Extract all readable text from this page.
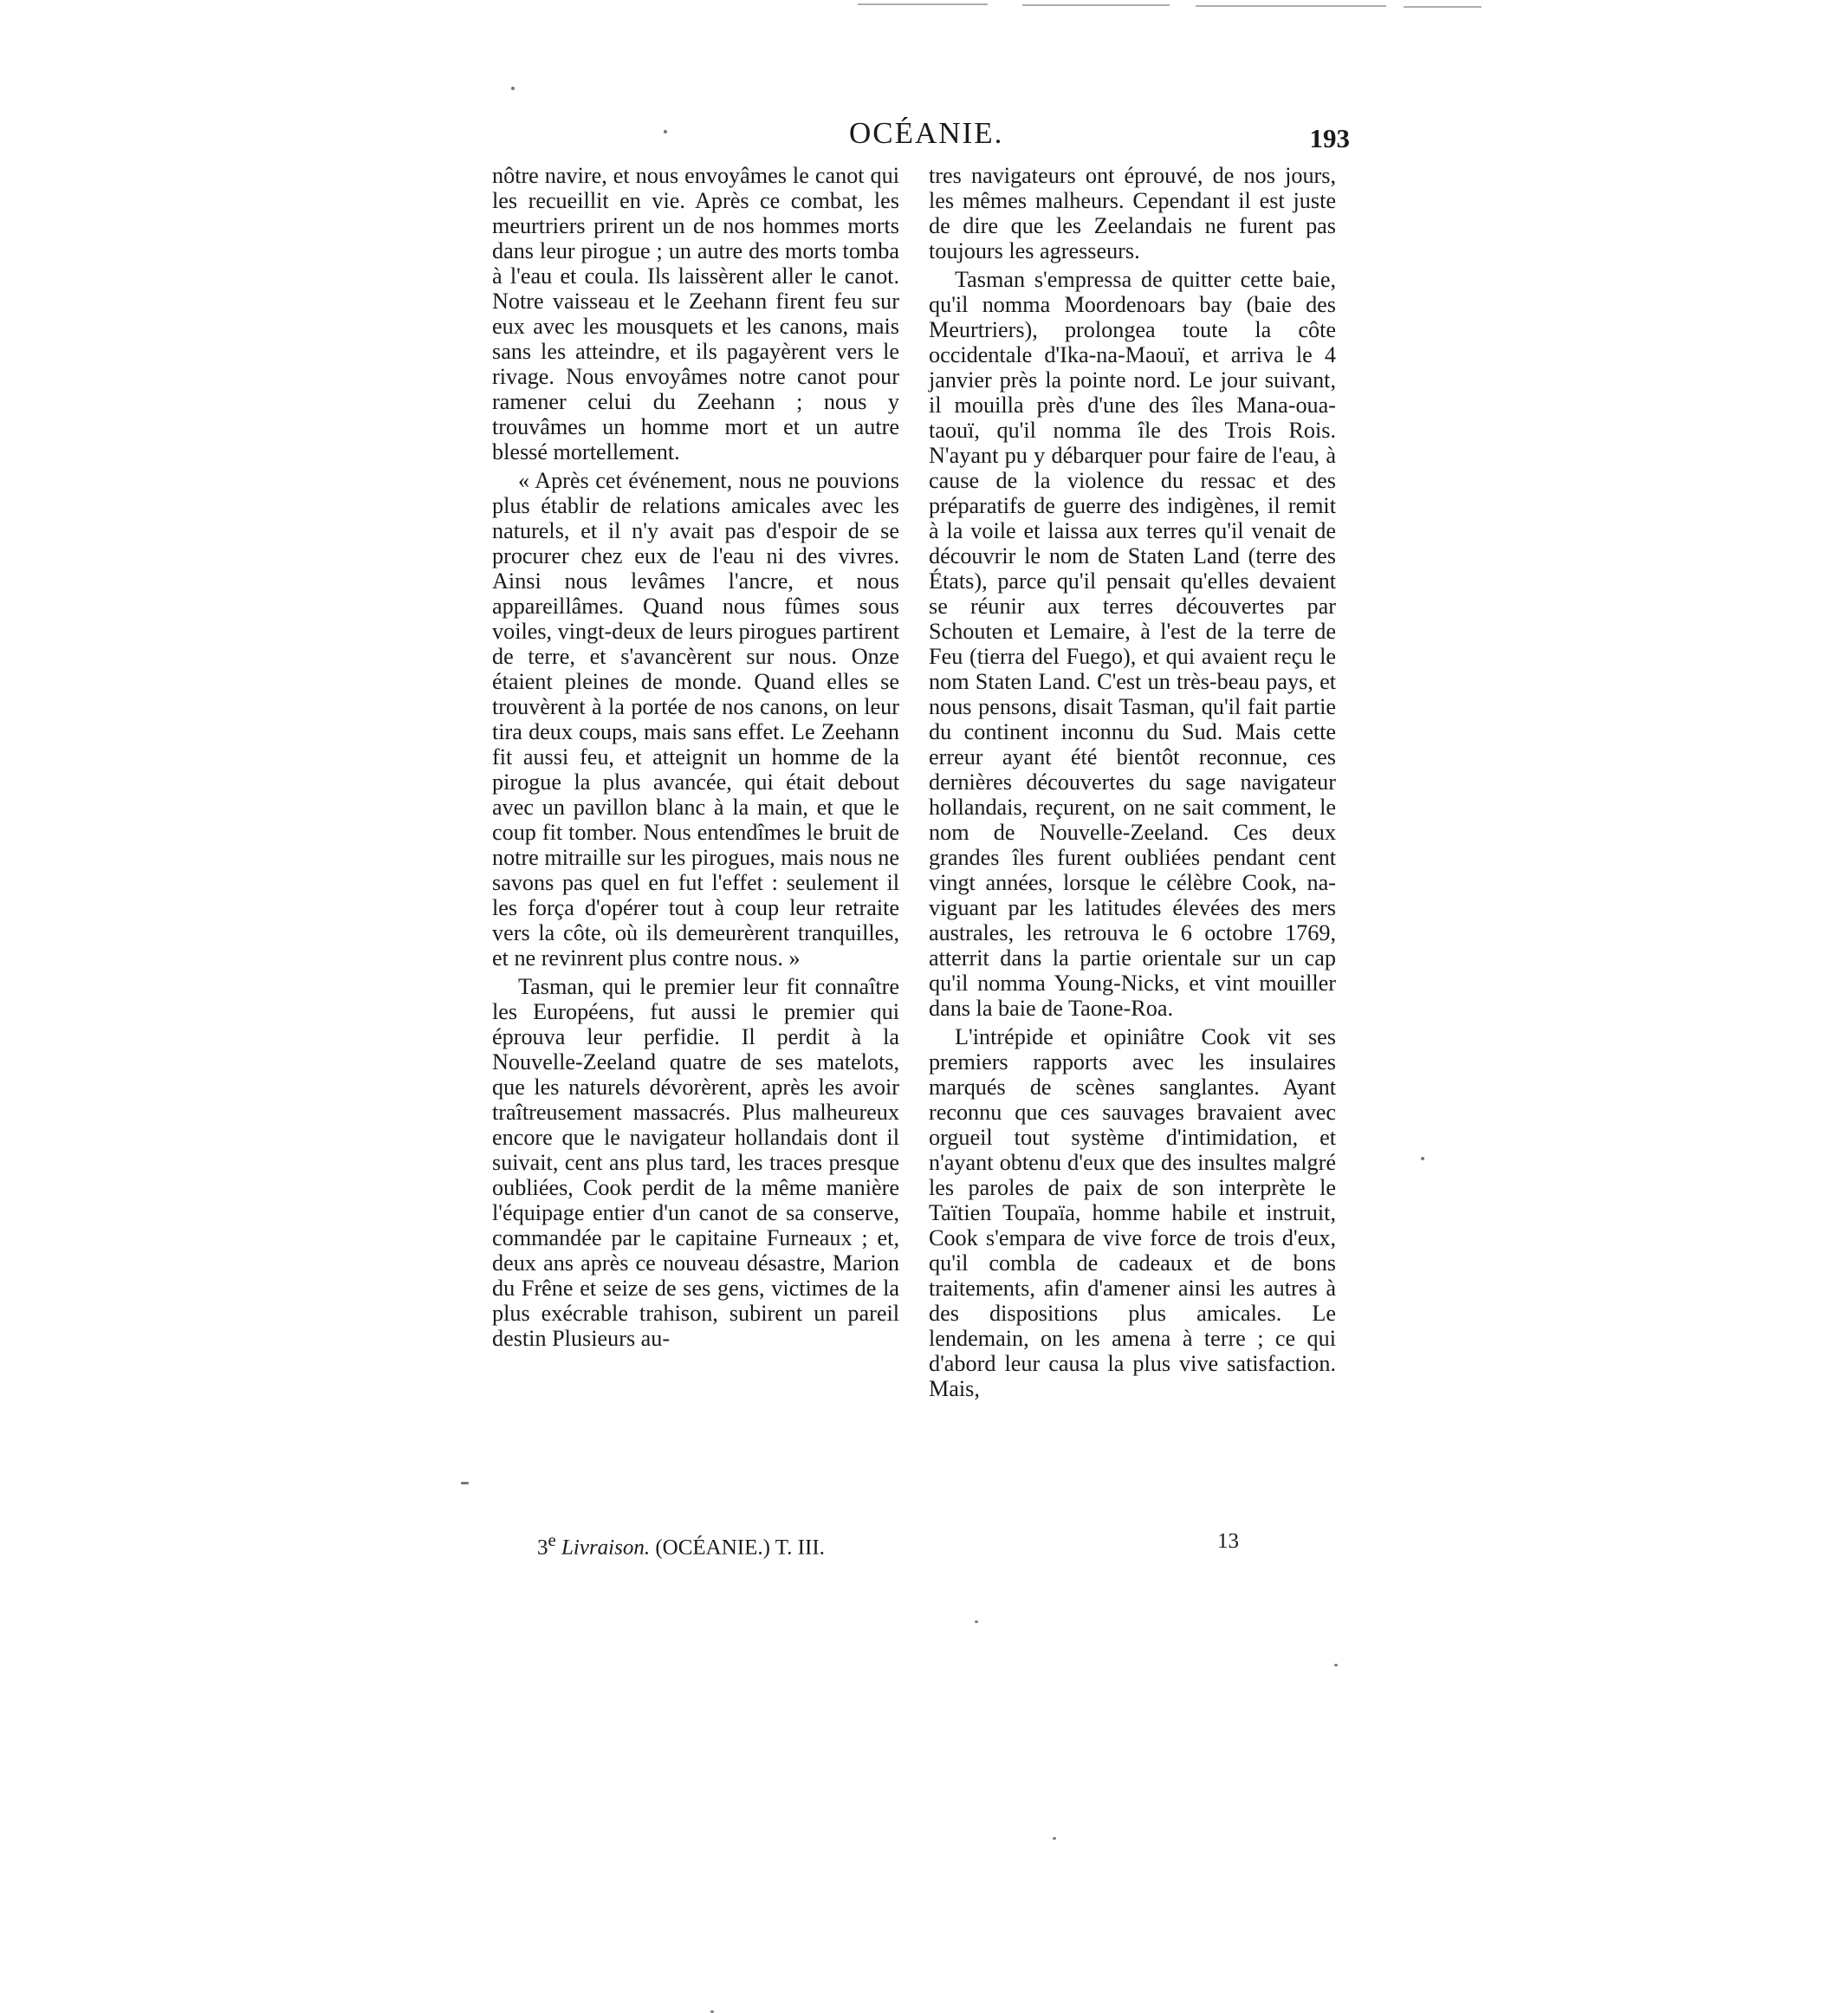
OCÉANIE.	193

nôtre navire, et nous envoyâmes le canot qui les recueillit en vie. Après ce combat, les meurtriers prirent un de nos hommes morts dans leur pirogue ; un autre des morts tomba à l'eau et coula. Ils laissèrent aller le canot. Notre vaisseau et le Zeehann firent feu sur eux avec les mousquets et les canons, mais sans les atteindre, et ils pagayèrent vers le rivage. Nous envoyâmes notre canot pour ramener celui du Zeehann ; nous y trouvâmes un homme mort et un autre blessé mortellement.

« Après cet événement, nous ne pouvions plus établir de relations amicales avec les naturels, et il n'y avait pas d'espoir de se procurer chez eux de l'eau ni des vivres. Ainsi nous levâmes l'ancre, et nous appareillâmes. Quand nous fûmes sous voiles, vingt-deux de leurs pirogues partirent de terre, et s'avancèrent sur nous. Onze étaient pleines de monde. Quand elles se trouvèrent à la portée de nos canons, on leur tira deux coups, mais sans effet. Le Zeehann fit aussi feu, et atteignit un homme de la pirogue la plus avancée, qui était debout avec un pavillon blanc à la main, et que le coup fit tomber. Nous entendîmes le bruit de notre mitraille sur les pirogues, mais nous ne savons pas quel en fut l'effet : seulement il les força d'opérer tout à coup leur retraite vers la côte, où ils demeurèrent tranquilles, et ne revinrent plus contre nous. »

Tasman, qui le premier leur fit connaître les Européens, fut aussi le premier qui éprouva leur perfidie. Il perdit à la Nouvelle-Zeeland quatre de ses matelots, que les naturels dévorèrent, après les avoir traîtreusement massacrés. Plus malheureux encore que le navigateur hollandais dont il suivait, cent ans plus tard, les traces presque oubliées, Cook perdit de la même manière l'équipage entier d'un canot de sa conserve, commandée par le capitaine Furneaux ; et, deux ans après ce nouveau désastre, Marion du Frêne et seize de ses gens, victimes de la plus exécrable trahison, subirent un pareil destin Plusieurs au-

tres navigateurs ont éprouvé, de nos jours, les mêmes malheurs. Cependant il est juste de dire que les Zeelandais ne furent pas toujours les agresseurs.

Tasman s'empressa de quitter cette baie, qu'il nomma Moordenoars bay (baie des Meurtriers), prolongea toute la côte occidentale d'Ika-na-Maouï, et arriva le 4 janvier près la pointe nord. Le jour suivant, il mouilla près d'une des îles Mana-oua-taouï, qu'il nomma île des Trois Rois. N'ayant pu y débarquer pour faire de l'eau, à cause de la violence du ressac et des préparatifs de guerre des indigènes, il remit à la voile et laissa aux terres qu'il venait de découvrir le nom de Staten Land (terre des États), parce qu'il pensait qu'elles devaient se réunir aux terres découvertes par Schouten et Lemaire, à l'est de la terre de Feu (tierra del Fuego), et qui avaient reçu le nom Staten Land. C'est un très-beau pays, et nous pensons, disait Tasman, qu'il fait partie du continent inconnu du Sud. Mais cette erreur ayant été bientôt reconnue, ces dernières découvertes du sage navigateur hollandais, reçurent, on ne sait comment, le nom de Nouvelle-Zeeland. Ces deux grandes îles furent oubliées pendant cent vingt années, lorsque le célèbre Cook, naviguant par les latitudes élevées des mers australes, les retrouva le 6 octobre 1769, atterrit dans la partie orientale sur un cap qu'il nomma Young-Nicks, et vint mouiller dans la baie de Taone-Roa.

L'intrépide et opiniâtre Cook vit ses premiers rapports avec les insulaires marqués de scènes sanglantes. Ayant reconnu que ces sauvages bravaient avec orgueil tout système d'intimidation, et n'ayant obtenu d'eux que des insultes malgré les paroles de paix de son interprète le Taïtien Toupaïa, homme habile et instruit, Cook s'empara de vive force de trois d'eux, qu'il combla de cadeaux et de bons traitements, afin d'amener ainsi les autres à des dispositions plus amicales. Le lendemain, on les amena à terre ; ce qui d'abord leur causa la plus vive satisfaction. Mais,

3e Livraison. (OCÉANIE.) T. III.	13
